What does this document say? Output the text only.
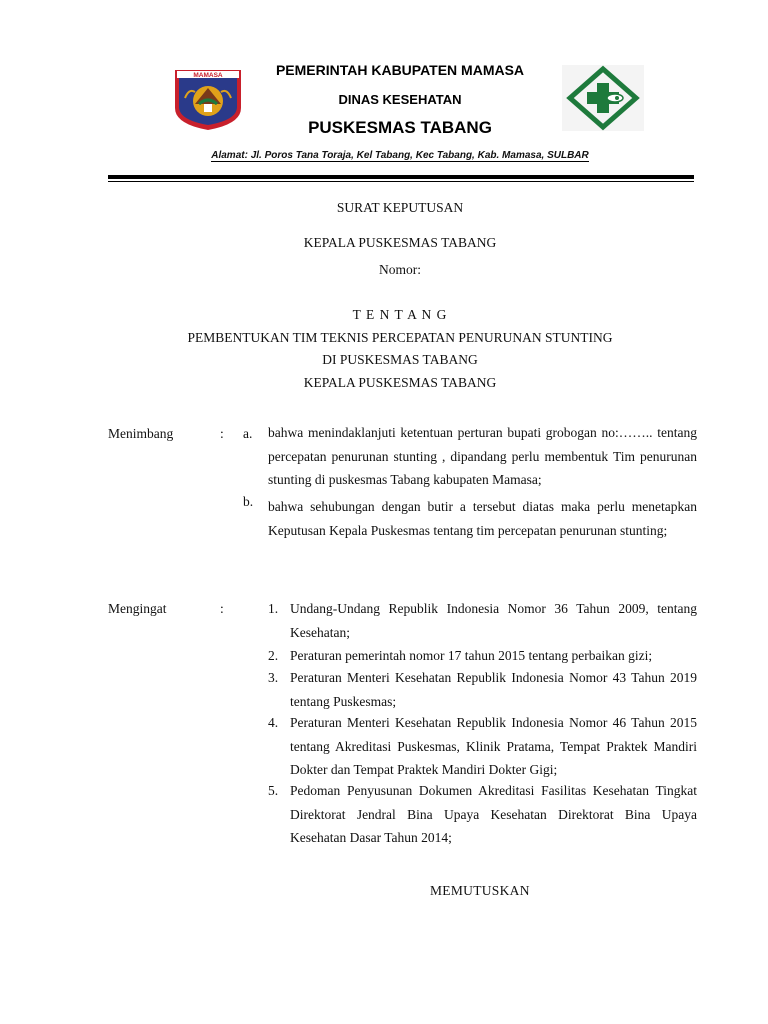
MAMASA	PEMERINTAH KABUPATEN MAMASA
DINAS KESEHATAN
PUSKESMAS TABANG
Alamat: Jl. Poros Tana Toraja, Kel Tabang, Kec Tabang, Kab. Mamasa, SULBAR
SURAT KEPUTUSAN
KEPALA PUSKESMAS TABANG
Nomor:
T E N T A N G
PEMBENTUKAN TIM TEKNIS PERCEPATAN PENURUNAN STUNTING
DI PUSKESMAS TABANG
KEPALA PUSKESMAS TABANG
Menimbang	: a. bahwa menindaklanjuti ketentuan perturan bupati grobogan no:…….. tentang percepatan penurunan stunting , dipandang perlu membentuk Tim penurunan stunting di puskesmas Tabang kabupaten Mamasa;
b. bahwa sehubungan dengan butir a tersebut diatas maka perlu menetapkan Keputusan Kepala Puskesmas tentang tim percepatan penurunan stunting;
Mengingat	:	1. Undang-Undang Republik Indonesia Nomor 36 Tahun 2009, tentang Kesehatan;
2. Peraturan pemerintah nomor 17 tahun 2015 tentang perbaikan gizi;
3. Peraturan Menteri Kesehatan Republik Indonesia Nomor 43 Tahun 2019 tentang Puskesmas;
4. Peraturan Menteri Kesehatan Republik Indonesia Nomor 46 Tahun 2015 tentang Akreditasi Puskesmas, Klinik Pratama, Tempat Praktek Mandiri Dokter dan Tempat Praktek Mandiri Dokter Gigi;
5. Pedoman Penyusunan Dokumen Akreditasi Fasilitas Kesehatan Tingkat Direktorat Jendral Bina Upaya Kesehatan Direktorat Bina Upaya Kesehatan Dasar Tahun 2014;
MEMUTUSKAN
